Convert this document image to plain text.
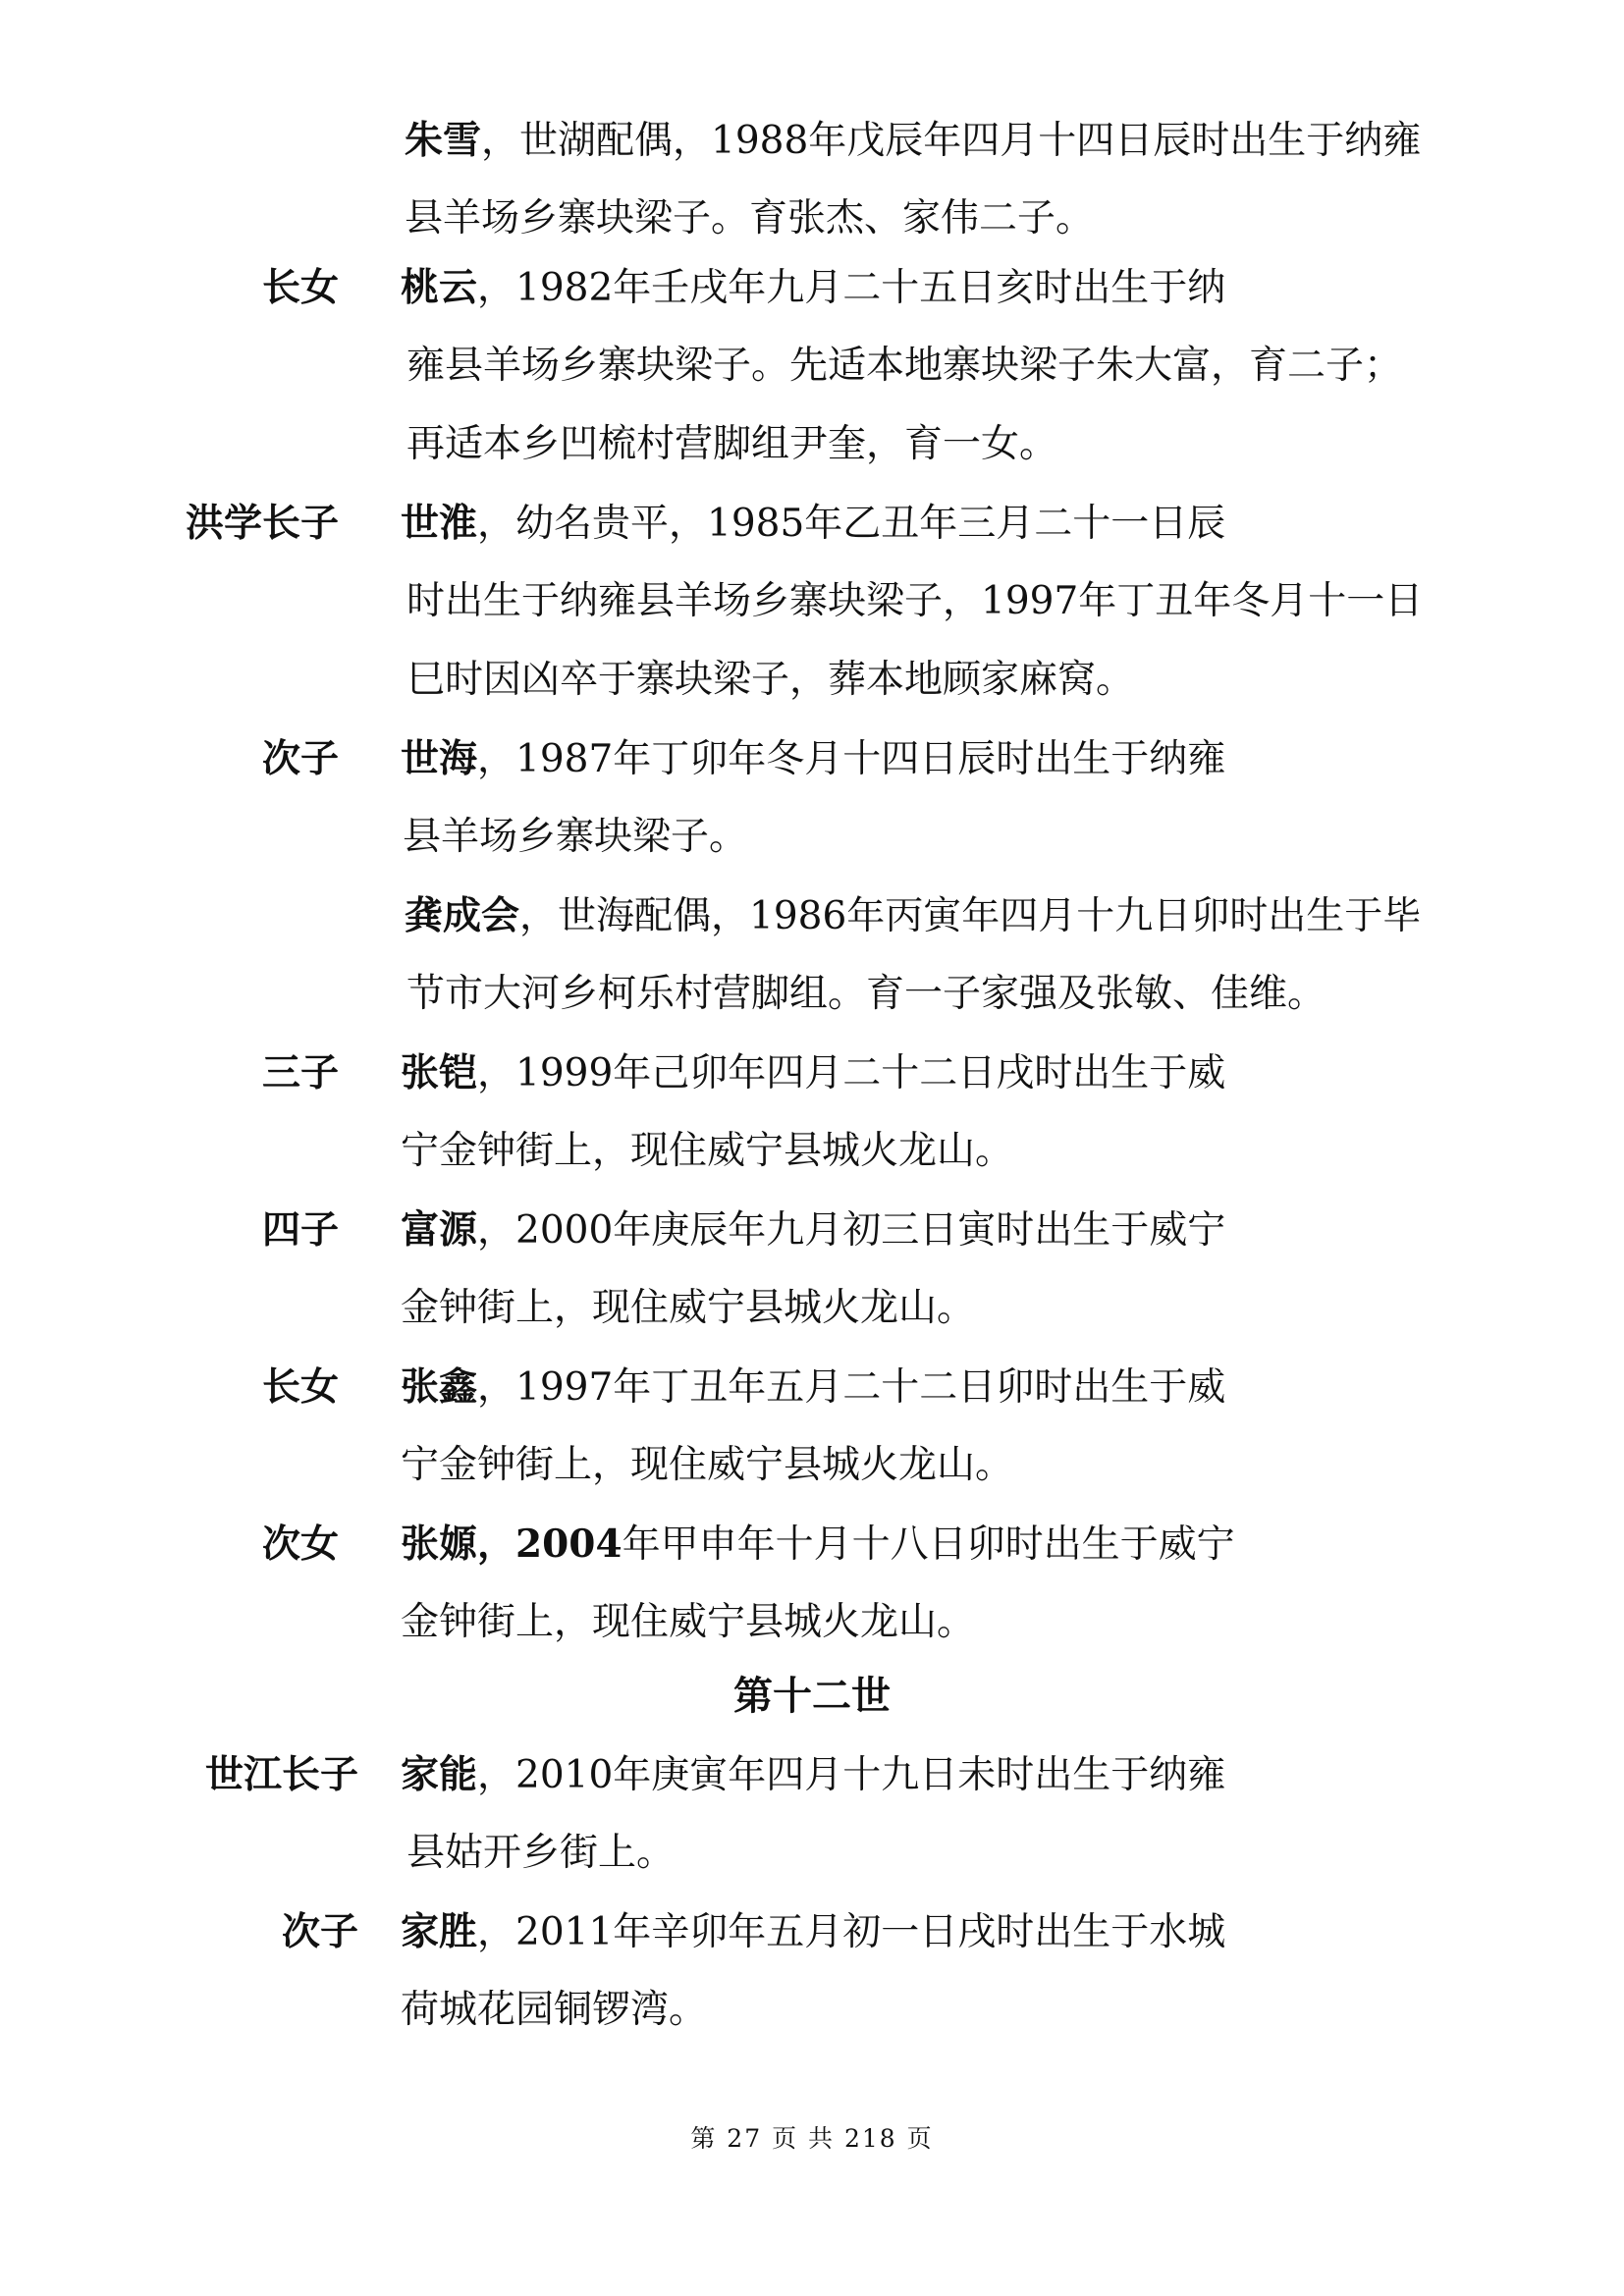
朱雪，世湖配偶，1988年戊辰年四月十四日辰时出生于纳雍
县羊场乡寨块梁子。育张杰、家伟二子。
长女 桃云，1982年壬戌年九月二十五日亥时出生于纳
雍县羊场乡寨块梁子。先适本地寨块梁子朱大富，育二子；
再适本乡凹梳村营脚组尹奎，育一女。
洪学长子 世淮，幼名贵平，1985年乙丑年三月二十一日辰
时出生于纳雍县羊场乡寨块梁子，1997年丁丑年冬月十一日
巳时因凶卒于寨块梁子，葬本地顾家麻窝。
次子 世海，1987年丁卯年冬月十四日辰时出生于纳雍
县羊场乡寨块梁子。
龚成会，世海配偶，1986年丙寅年四月十九日卯时出生于毕
节市大河乡柯乐村营脚组。育一子家强及张敏、佳维。
三子 张铠，1999年己卯年四月二十二日戌时出生于威
宁金钟街上，现住威宁县城火龙山。
四子 富源，2000年庚辰年九月初三日寅时出生于威宁
金钟街上，现住威宁县城火龙山。
长女 张鑫，1997年丁丑年五月二十二日卯时出生于威
宁金钟街上，现住威宁县城火龙山。
次女 张嫄，2004年甲申年十月十八日卯时出生于威宁
金钟街上，现住威宁县城火龙山。
第十二世
世江长子 家能，2010年庚寅年四月十九日未时出生于纳雍
县姑开乡街上。
次子 家胜，2011年辛卯年五月初一日戌时出生于水城
荷城花园铜锣湾。
第 27 页 共 218 页
